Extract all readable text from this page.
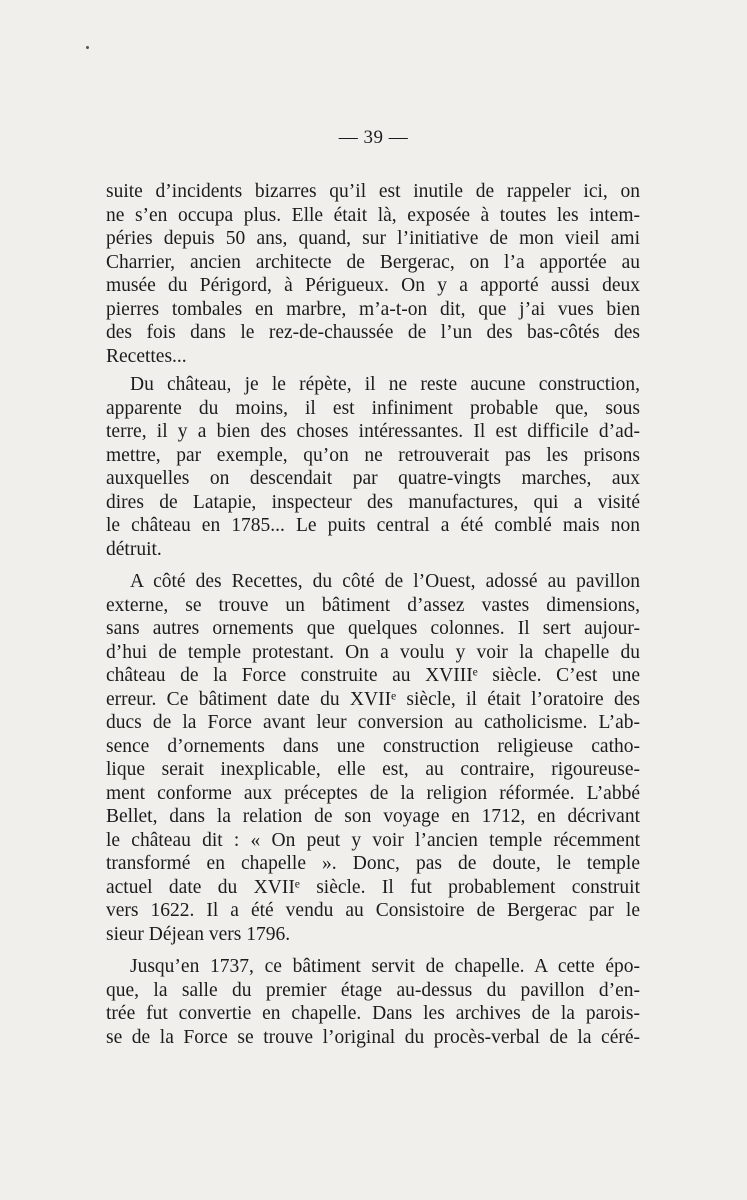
— 39 —
suite d’incidents bizarres qu’il est inutile de rappeler ici, on
ne s’en occupa plus. Elle était là, exposée à toutes les intem-
péries depuis 50 ans, quand, sur l’initiative de mon vieil ami
Charrier, ancien architecte de Bergerac, on l’a apportée au
musée du Périgord, à Périgueux. On y a apporté aussi deux
pierres tombales en marbre, m’a-t-on dit, que j’ai vues bien
des fois dans le rez-de-chaussée de l’un des bas-côtés des
Recettes...
Du château, je le répète, il ne reste aucune construction,
apparente du moins, il est infiniment probable que, sous
terre, il y a bien des choses intéressantes. Il est difficile d’ad-
mettre, par exemple, qu’on ne retrouverait pas les prisons
auxquelles on descendait par quatre-vingts marches, aux
dires de Latapie, inspecteur des manufactures, qui a visité
le château en 1785... Le puits central a été comblé mais non
détruit.
A côté des Recettes, du côté de l’Ouest, adossé au pavillon
externe, se trouve un bâtiment d’assez vastes dimensions,
sans autres ornements que quelques colonnes. Il sert aujour-
d’hui de temple protestant. On a voulu y voir la chapelle du
château de la Force construite au XVIIIᵉ siècle. C’est une
erreur. Ce bâtiment date du XVIIᵉ siècle, il était l’oratoire des
ducs de la Force avant leur conversion au catholicisme. L’ab-
sence d’ornements dans une construction religieuse catho-
lique serait inexplicable, elle est, au contraire, rigoureuse-
ment conforme aux préceptes de la religion réformée. L’abbé
Bellet, dans la relation de son voyage en 1712, en décrivant
le château dit : « On peut y voir l’ancien temple récemment
transformé en chapelle ». Donc, pas de doute, le temple
actuel date du XVIIᵉ siècle. Il fut probablement construit
vers 1622. Il a été vendu au Consistoire de Bergerac par le
sieur Déjean vers 1796.
Jusqu’en 1737, ce bâtiment servit de chapelle. A cette épo-
que, la salle du premier étage au-dessus du pavillon d’en-
trée fut convertie en chapelle. Dans les archives de la parois-
se de la Force se trouve l’original du procès-verbal de la céré-
